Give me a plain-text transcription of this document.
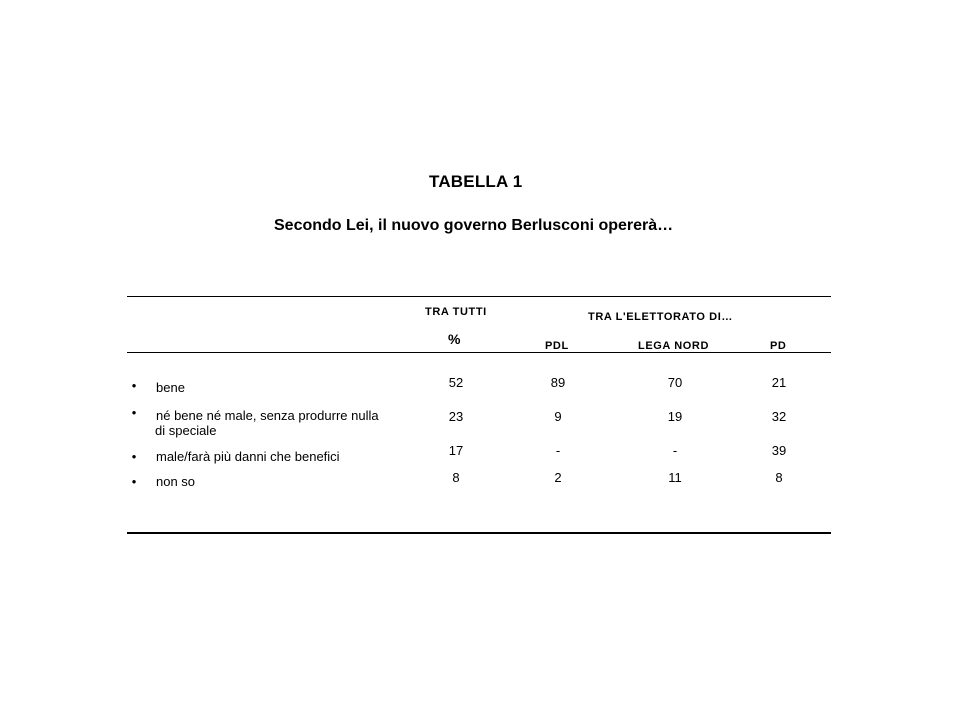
TABELLA 1
Secondo Lei, il nuovo governo Berlusconi opererà…
TRA TUTTI
%
TRA L'ELETTORATO DI…
PDL	LEGA NORD	PD
• bene	52	89	70	21
• né bene né male, senza produrre nulla
di speciale
23	9	19	32
• male/farà più danni che benefici	17	-	-	39
• non so	8	2	11	8
